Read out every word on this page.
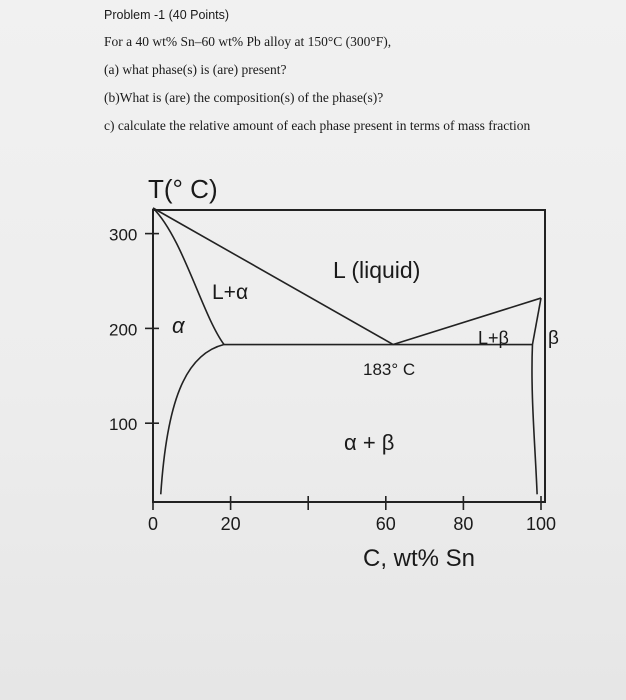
Problem -1 (40 Points)
For a 40 wt% Sn–60 wt% Pb alloy at 150°C (300°F),
(a) what phase(s) is (are) present?
(b)What is (are) the composition(s) of the phase(s)?
c) calculate the relative amount of each phase present in terms of mass fraction
300
200
100
0	20	60	80	100
T(° C)
C, wt% Sn
L (liquid)
L+α
L+β
α
β
α + β
183° C
